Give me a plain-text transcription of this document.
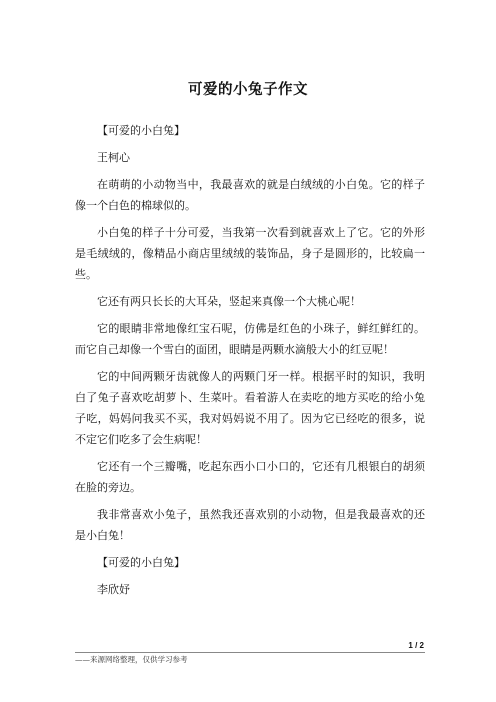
可爱的小兔子作文

【可爱的小白兔】

王柯心

在萌萌的小动物当中，我最喜欢的就是白绒绒的小白兔。它的样子像一个白色的棉球似的。

小白兔的样子十分可爱，当我第一次看到就喜欢上了它。它的外形是毛绒绒的，像精品小商店里绒绒的装饰品，身子是圆形的，比较扁一些。

它还有两只长长的大耳朵，竖起来真像一个大桃心呢！

它的眼睛非常地像红宝石呢，仿佛是红色的小珠子，鲜红鲜红的。而它自己却像一个雪白的面团，眼睛是两颗水滴般大小的红豆呢！

它的中间两颗牙齿就像人的两颗门牙一样。根据平时的知识，我明白了兔子喜欢吃胡萝卜、生菜叶。看着游人在卖吃的地方买吃的给小兔子吃，妈妈问我买不买，我对妈妈说不用了。因为它已经吃的很多，说不定它们吃多了会生病呢！

它还有一个三瓣嘴，吃起东西小口小口的，它还有几根银白的胡须在脸的旁边。

我非常喜欢小兔子，虽然我还喜欢别的小动物，但是我最喜欢的还是小白兔！

【可爱的小白兔】

李欣妤

1 / 2
——来源网络整理，仅供学习参考
